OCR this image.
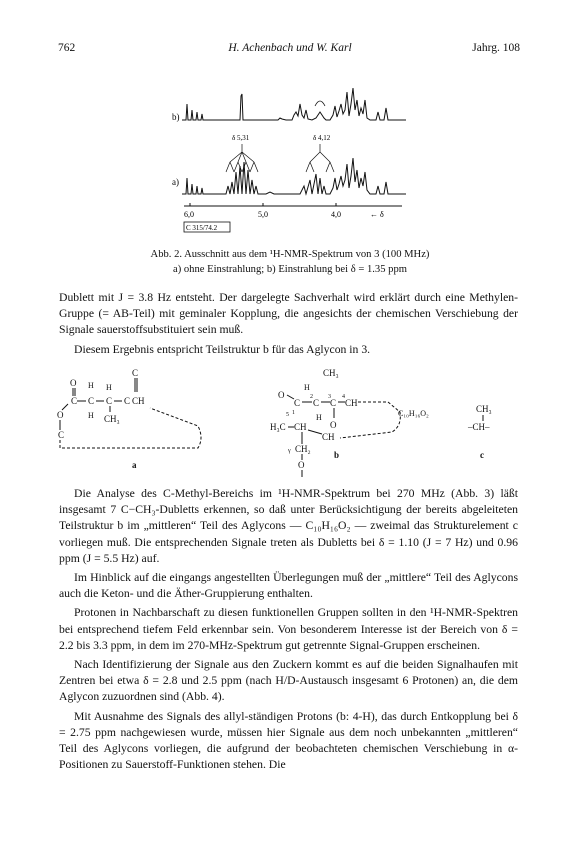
762	H. Achenbach und W. Karl	Jahrg. 108
b)
δ 5,31	δ 4,12
a)
6,0	5,0	4,0	← δ
C 315/74.2
Abb. 2. Ausschnitt aus dem ¹H-NMR-Spektrum von 3 (100 MHz)
a) ohne Einstrahlung; b) Einstrahlung bei δ = 1.35 ppm

Dublett mit J = 3.8 Hz entsteht. Der dargelegte Sachverhalt wird erklärt durch eine Methylen-Gruppe (= AB-Teil) mit geminaler Kopplung, die angesichts der chemischen Verschiebung der Signale sauerstoffsubstituiert sein muß.

Diesem Ergebnis entspricht Teilstruktur b für das Aglycon in 3.

O
C
O
C
H
C
H
C
H
C
C
CH
CH₃
a
CH₃
H
O
C C
H
C CH
1
2	3 4
O
H₃C CH
5
CH
γ CH₂
O
C₁₀H₁₆O₂
b
CH₃
–CH–
c

Die Analyse des C-Methyl-Bereichs im ¹H-NMR-Spektrum bei 270 MHz (Abb. 3) läßt insgesamt 7 C−CH₃-Dubletts erkennen, so daß unter Berücksichtigung der bereits abgeleiteten Teilstruktur b im „mittleren“ Teil des Aglycons — C₁₀H₁₆O₂ — zweimal das Strukturelement c vorliegen muß. Die entsprechenden Signale treten als Dubletts bei δ = 1.10 (J = 7 Hz) und 0.96 ppm (J = 5.5 Hz) auf.

Im Hinblick auf die eingangs angestellten Überlegungen muß der „mittlere“ Teil des Aglycons auch die Keton- und die Äther-Gruppierung enthalten.

Protonen in Nachbarschaft zu diesen funktionellen Gruppen sollten in den ¹H-NMR-Spektren bei entsprechend tiefem Feld erkennbar sein. Von besonderem Interesse ist der Bereich von δ = 2.2 bis 3.3 ppm, in dem im 270-MHz-Spektrum gut getrennte Signal-Gruppen erscheinen.

Nach Identifizierung der Signale aus den Zuckern kommt es auf die beiden Signalhaufen mit Zentren bei etwa δ = 2.8 und 2.5 ppm (nach H/D-Austausch insgesamt 6 Protonen) an, die dem Aglycon zuzuordnen sind (Abb. 4).

Mit Ausnahme des Signals des allyl-ständigen Protons (b: 4-H), das durch Entkopplung bei δ = 2.75 ppm nachgewiesen wurde, müssen hier Signale aus dem noch unbekannten „mittleren“ Teil des Aglycons vorliegen, die aufgrund der beobachteten chemischen Verschiebung in α-Positionen zu Sauerstoff-Funktionen stehen. Die
